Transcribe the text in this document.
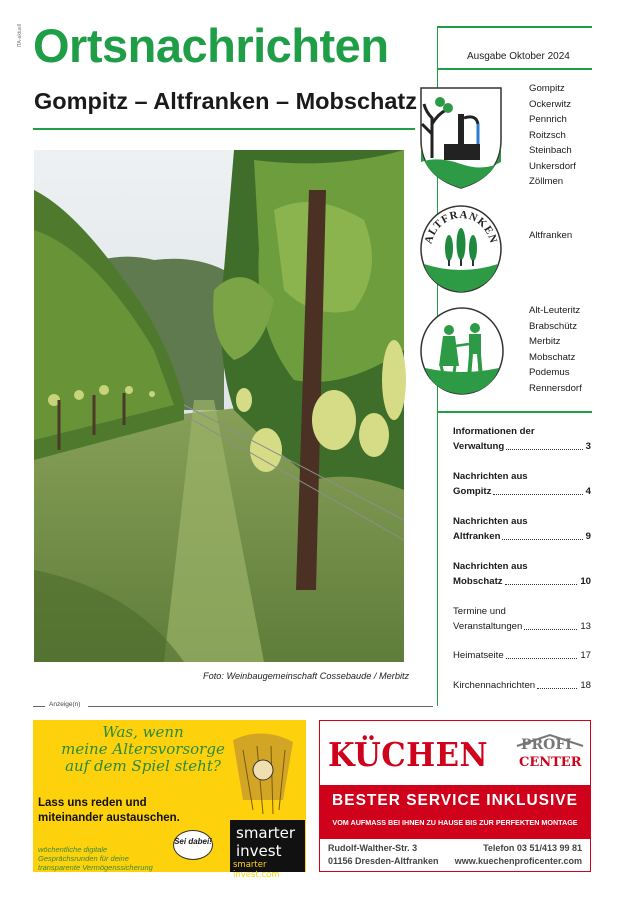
ITA-aktuell Ortsnachrichten
Gompitz – Altfranken – Mobschatz
Ausgabe Oktober 2024
Gompitz
Ockerwitz
Pennrich
Roitzsch
Steinbach
Unkersdorf
Zöllmen
ALTFRANKEN	Altfranken
Alt-Leuteritz
Brabschütz
Merbitz
Mobschatz
Podemus
Rennersdorf
Informationen der
Verwaltung	3
Nachrichten aus
Gompitz	4
Nachrichten aus
Altfranken	9
Nachrichten aus
Mobschatz	10
Termine und
Veranstaltungen	13
Heimatseite	17
Kirchennachrichten	18
Foto: Weinbaugemeinschaft Cossebaude / Merbitz
Anzeige(n)
Was, wenn
meine Altersvorsorge
auf dem Spiel steht?
Lass uns reden und
miteinander austauschen.
wöchentliche digitale
Gesprächsrunden für deine
transparente Vermögenssicherung
Sei dabei! smarter
invest
smarter invest.com
KÜCHEN PROFI
CENTER
BESTER SERVICE INKLUSIVE
VOM AUFMASS BEI IHNEN ZU HAUSE BIS ZUR PERFEKTEN MONTAGE
Rudolf-Walther-Str. 3
01156 Dresden-Altfranken
Telefon 03 51/413 99 81
www.kuechenproficenter.com
